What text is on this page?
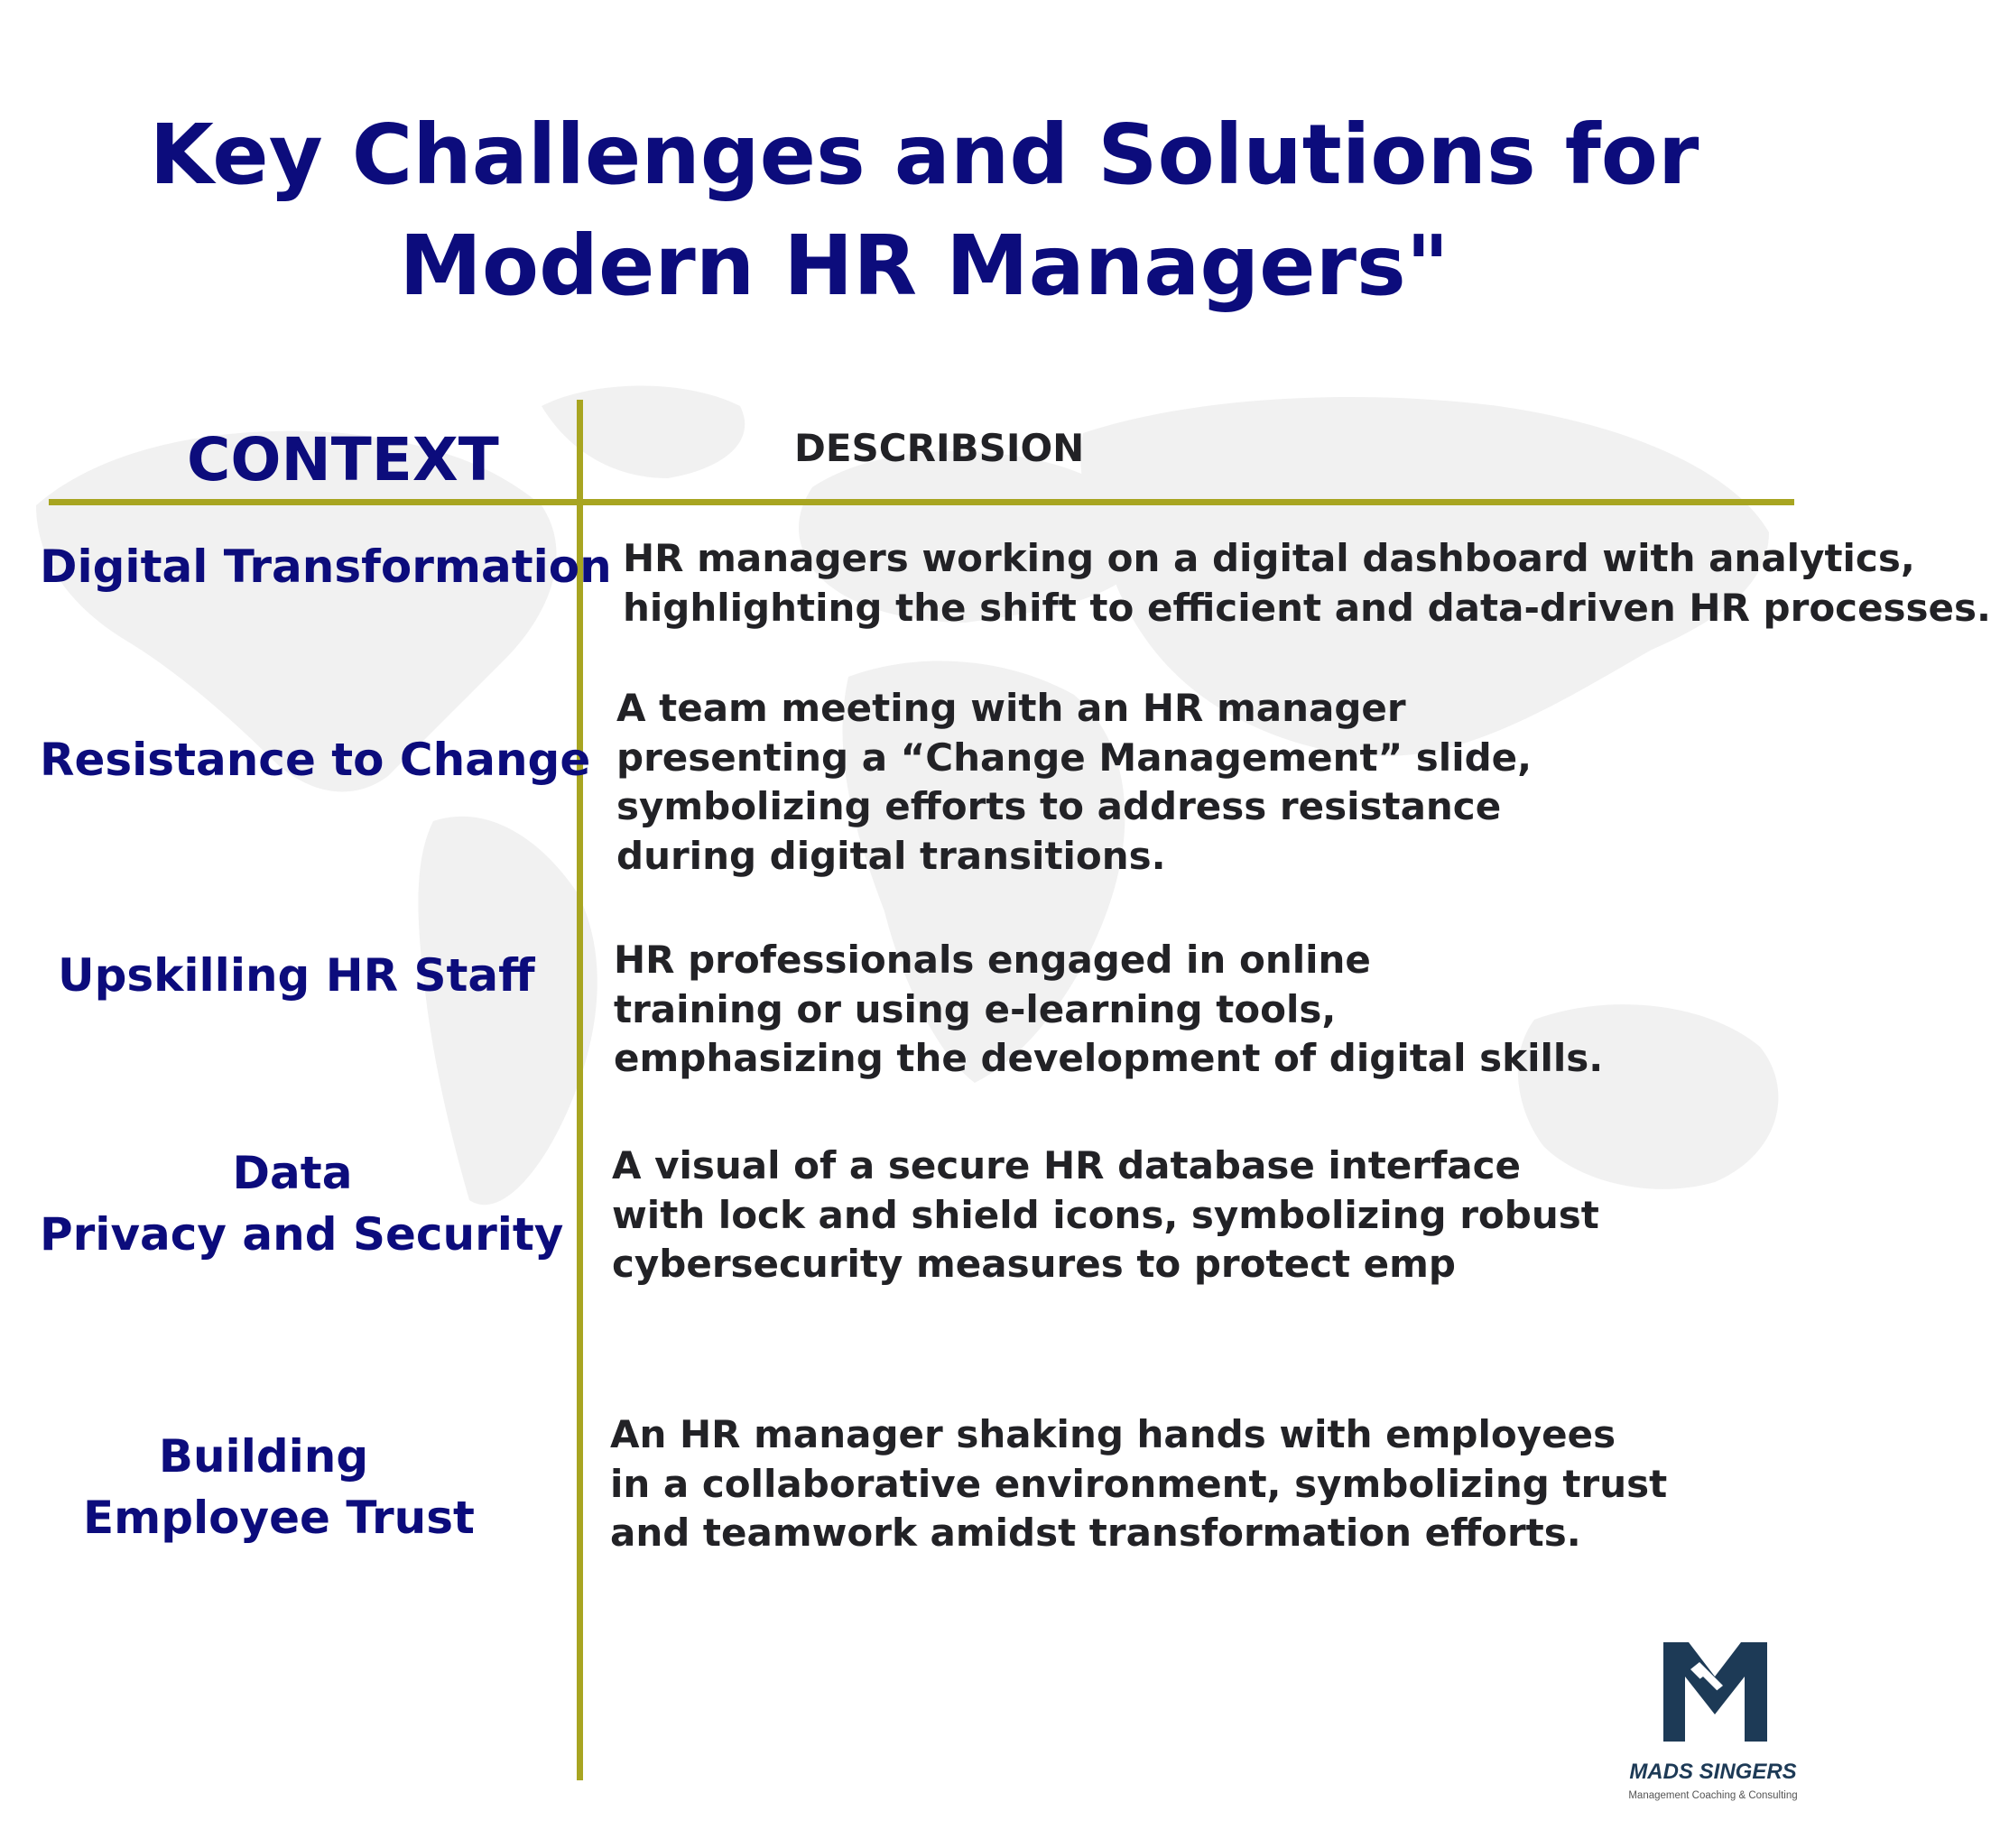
Key Challenges and Solutions for
Modern HR Managers"
CONTEXT	DESCRIBSION
Digital Transformation HR managers working on a digital dashboard with analytics,
highlighting the shift to efficient and data-driven HR processes.
Resistance to Change
A team meeting with an HR manager
presenting a “Change Management” slide,
symbolizing efforts to address resistance
during digital transitions.
Upskilling HR Staff HR professionals engaged in online
training or using e-learning tools,
emphasizing the development of digital skills.
Data
Privacy and Security
A visual of a secure HR database interface
with lock and shield icons, symbolizing robust
cybersecurity measures to protect emp
Building
Employee Trust
An HR manager shaking hands with employees
in a collaborative environment, symbolizing trust
and teamwork amidst transformation efforts.
MADS SINGERS
Management Coaching & Consulting
